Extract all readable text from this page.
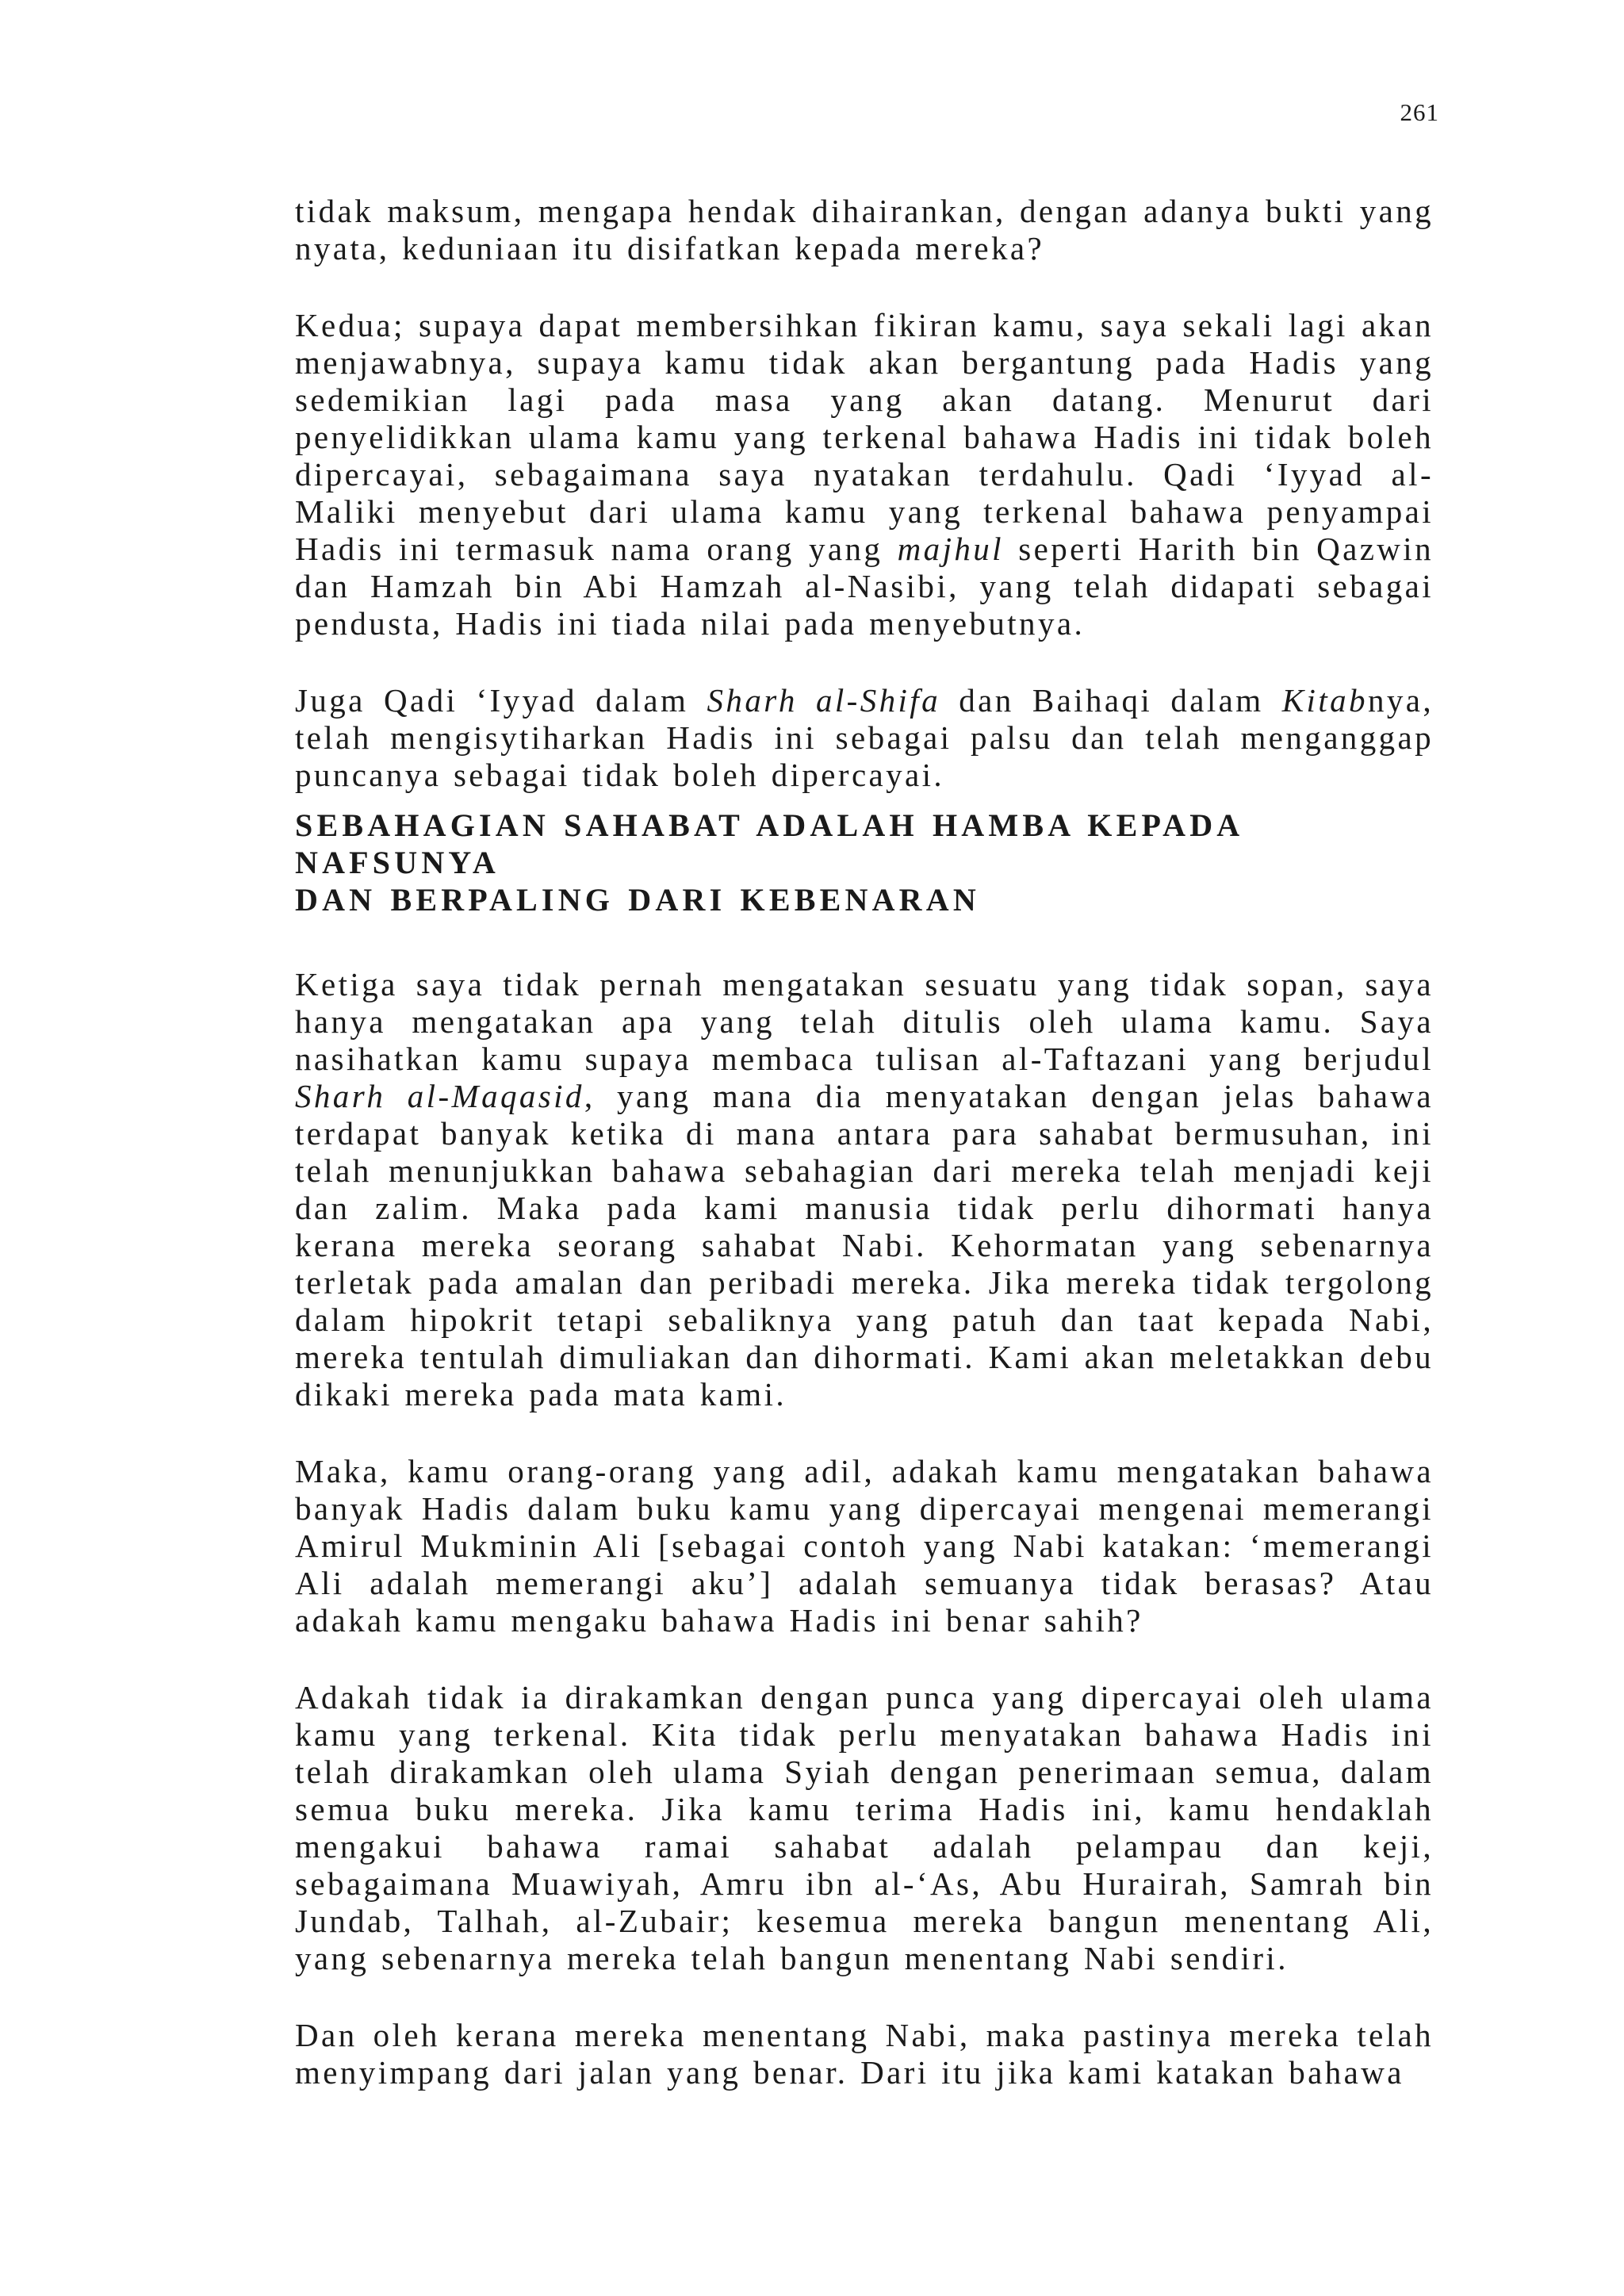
261

tidak maksum, mengapa hendak dihairankan, dengan adanya bukti yang nyata, keduniaan itu disifatkan kepada mereka?

Kedua; supaya dapat membersihkan fikiran kamu, saya sekali lagi akan menjawabnya, supaya kamu tidak akan bergantung pada Hadis yang sedemikian lagi pada masa yang akan datang. Menurut dari penyelidikkan ulama kamu yang terkenal bahawa Hadis ini tidak boleh dipercayai, sebagaimana saya nyatakan terdahulu. Qadi ‘Iyyad al-Maliki menyebut dari ulama kamu yang terkenal bahawa penyampai Hadis ini termasuk nama orang yang majhul seperti Harith bin Qazwin dan Hamzah bin Abi Hamzah al-Nasibi, yang telah didapati sebagai pendusta, Hadis ini tiada nilai pada menyebutnya.

Juga Qadi ‘Iyyad dalam Sharh al-Shifa dan Baihaqi dalam Kitabnya, telah mengisytiharkan Hadis ini sebagai palsu dan telah menganggap puncanya sebagai tidak boleh dipercayai.

SEBAHAGIAN SAHABAT ADALAH HAMBA KEPADA NAFSUNYA
DAN BERPALING DARI KEBENARAN

Ketiga saya tidak pernah mengatakan sesuatu yang tidak sopan, saya hanya mengatakan apa yang telah ditulis oleh ulama kamu. Saya nasihatkan kamu supaya membaca tulisan al-Taftazani yang berjudul Sharh al-Maqasid, yang mana dia menyatakan dengan jelas bahawa terdapat banyak ketika di mana antara para sahabat bermusuhan, ini telah menunjukkan bahawa sebahagian dari mereka telah menjadi keji dan zalim. Maka pada kami manusia tidak perlu dihormati hanya kerana mereka seorang sahabat Nabi. Kehormatan yang sebenarnya terletak pada amalan dan peribadi mereka. Jika mereka tidak tergolong dalam hipokrit tetapi sebaliknya yang patuh dan taat kepada Nabi, mereka tentulah dimuliakan dan dihormati. Kami akan meletakkan debu dikaki mereka pada mata kami.

Maka, kamu orang-orang yang adil, adakah kamu mengatakan bahawa banyak Hadis dalam buku kamu yang dipercayai mengenai memerangi Amirul Mukminin Ali [sebagai contoh yang Nabi katakan: ‘memerangi Ali adalah memerangi aku’] adalah semuanya tidak berasas? Atau adakah kamu mengaku bahawa Hadis ini benar sahih?

Adakah tidak ia dirakamkan dengan punca yang dipercayai oleh ulama kamu yang terkenal. Kita tidak perlu menyatakan bahawa Hadis ini telah dirakamkan oleh ulama Syiah dengan penerimaan semua, dalam semua buku mereka. Jika kamu terima Hadis ini, kamu hendaklah mengakui bahawa ramai sahabat adalah pelampau dan keji, sebagaimana Muawiyah, Amru ibn al-‘As, Abu Hurairah, Samrah bin Jundab, Talhah, al-Zubair; kesemua mereka bangun menentang Ali, yang sebenarnya mereka telah bangun menentang Nabi sendiri.

Dan oleh kerana mereka menentang Nabi, maka pastinya mereka telah menyimpang dari jalan yang benar. Dari itu jika kami katakan bahawa
